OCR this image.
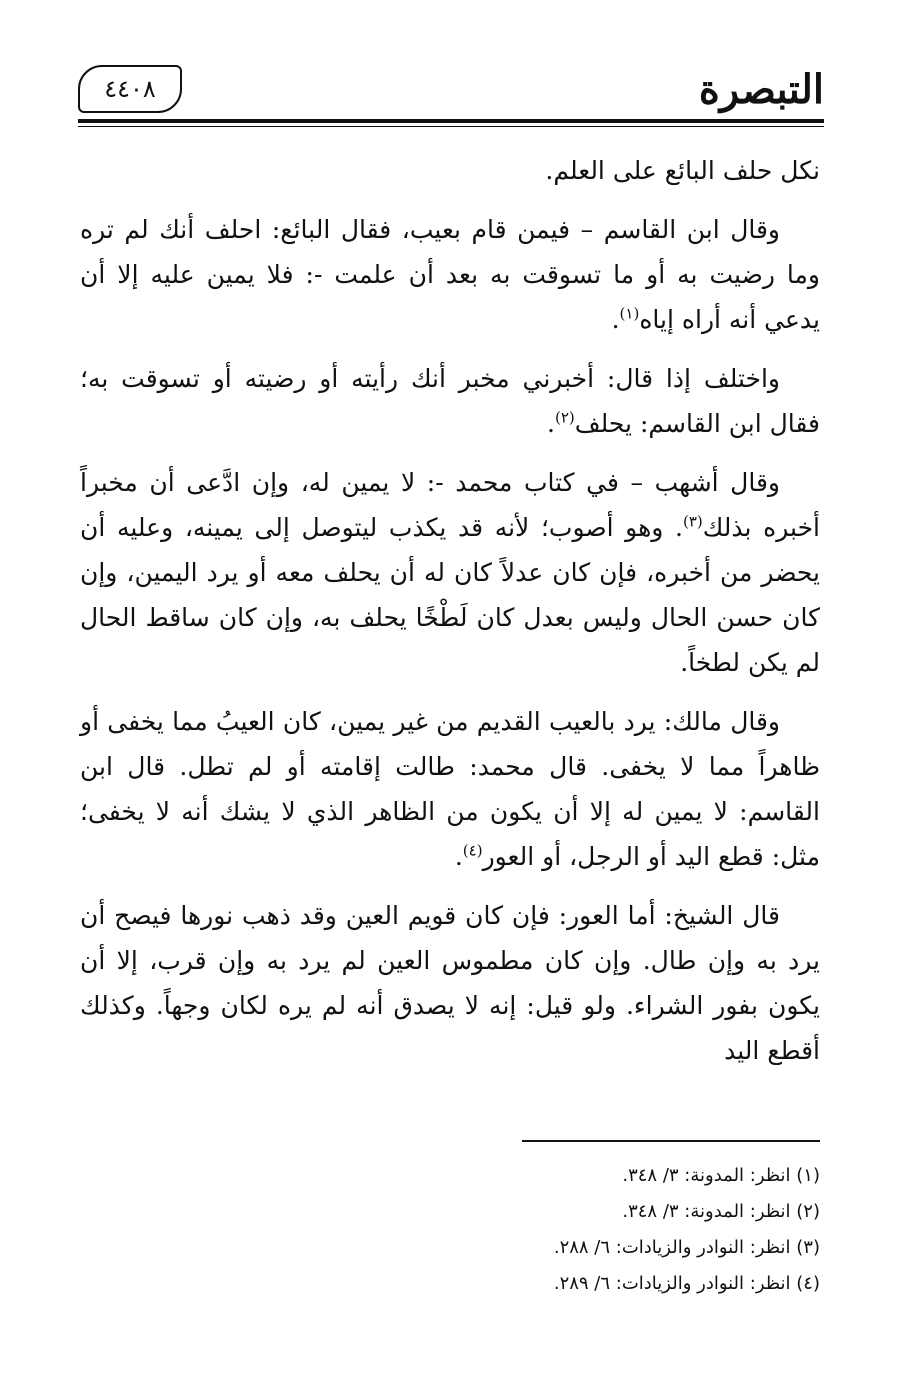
التبصرة
٤٤٠٨

نكل حلف البائع على العلم.

وقال ابن القاسم – فيمن قام بعيب، فقال البائع: احلف أنك لم تره وما رضيت به أو ما تسوقت به بعد أن علمت -: فلا يمين عليه إلا أن يدعي أنه أراه إياه$^{(١)}$.

واختلف إذا قال: أخبرني مخبر أنك رأيته أو رضيته أو تسوقت به؛ فقال ابن القاسم: يحلف$^{(٢)}$.

وقال أشهب – في كتاب محمد -: لا يمين له، وإن ادَّعى أن مخبراً أخبره بذلك$^{(٣)}$. وهو أصوب؛ لأنه قد يكذب ليتوصل إلى يمينه، وعليه أن يحضر من أخبره، فإن كان عدلاً كان له أن يحلف معه أو يرد اليمين، وإن كان حسن الحال وليس بعدل كان لَطْخًا يحلف به، وإن كان ساقط الحال لم يكن لطخاً.

وقال مالك: يرد بالعيب القديم من غير يمين، كان العيبُ مما يخفى أو ظاهراً مما لا يخفى. قال محمد: طالت إقامته أو لم تطل. قال ابن القاسم: لا يمين له إلا أن يكون من الظاهر الذي لا يشك أنه لا يخفى؛ مثل: قطع اليد أو الرجل، أو العور$^{(٤)}$.

قال الشيخ: أما العور: فإن كان قويم العين وقد ذهب نورها فيصح أن يرد به وإن طال. وإن كان مطموس العين لم يرد به وإن قرب، إلا أن يكون بفور الشراء. ولو قيل: إنه لا يصدق أنه لم يره لكان وجهاً. وكذلك أقطع اليد

(١) انظر: المدونة: ٣/ ٣٤٨.
(٢) انظر: المدونة: ٣/ ٣٤٨.
(٣) انظر: النوادر والزيادات: ٦/ ٢٨٨.
(٤) انظر: النوادر والزيادات: ٦/ ٢٨٩.
